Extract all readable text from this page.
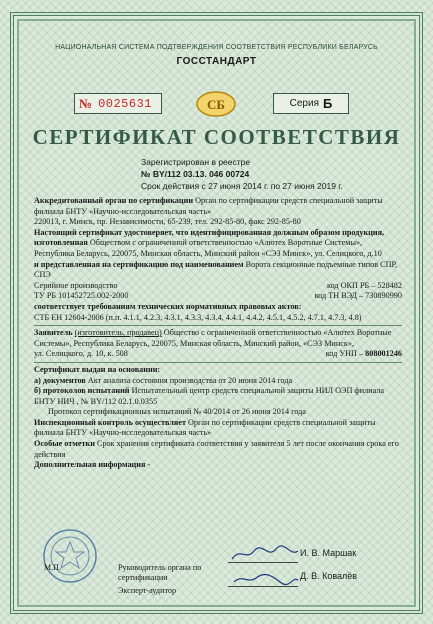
НАЦИОНАЛЬНАЯ СИСТЕМА ПОДТВЕРЖДЕНИЯ СООТВЕТСТВИЯ РЕСПУБЛИКИ БЕЛАРУСЬ
ГОССТАНДАРТ
№ 0025631	СБ	Серия Б
СЕРТИФИКАТ СООТВЕТСТВИЯ
Зарегистрирован в реестре
№ BY/112 03.13. 046 00724
Срок действия с 27 июня 2014 г. по 27 июня 2019 г.

Аккредитованный орган по сертификации Орган по сертификации средств специальной защиты филиала БНТУ «Научно-исследовательская часть»

220013, г. Минск, пр. Независимости, 65-239, тел. 292-85-80, факс 292-85-80

Настоящий сертификат удостоверяет, что идентифицированная должным образом продукция, изготовленная Обществом с ограниченной ответственностью «Алютех Воротные Системы», Республика Беларусь, 220075, Минская область, Минский район «СЭЗ Минск», ул. Селицкого, д.10

и представленная на сертификацию под наименованием Ворота секционные подъемные типов СПР, СПЭ

Серийное производство	код ОКП РБ – 528482
ТУ РБ 101452725.002-2000	код ТН ВЭД – 730890990

соответствует требованиям технических нормативных правовых актов:

СТБ ЕН 12604-2006 (п.п. 4.1.1, 4.2.3, 4.3.1, 4.3.3, 4.3.4, 4.4.1, 4.4.2, 4.5.1, 4.5.2, 4.7.1, 4.7.3, 4.8)

Заявитель (изготовитель, продавец) Общество с ограниченной ответственностью «Алютех Воротные Системы», Республика Беларусь, 220075, Минская область, Минский район, «СЭЗ Минск»,

ул. Селицкого, д. 10, к. 508	код УНП – 808001246

Сертификат выдан на основании:

а) документов Акт анализа состояния производства от 20 июня 2014 года

б) протоколов испытаний Испытательный центр средств специальной защиты НИЛ ОЭП филиала БНТУ НИЧ , № BY/112 02.1.0.0355

Протокол сертификационных испытаний № 40/2014 от 26 июня 2014 года

Инспекционный контроль осуществляет Орган по сертификации средств специальной защиты филиала БНТУ «Научно-исследовательская часть»

Особые отметки Срок хранения сертификата соответствия у заявителя 5 лет после окончания срока его действия

Дополнительная информация -

М.П.
И. В. Маршак
Д. В. Ковалёв
Руководитель органа по сертификации
Эксперт-аудитор
